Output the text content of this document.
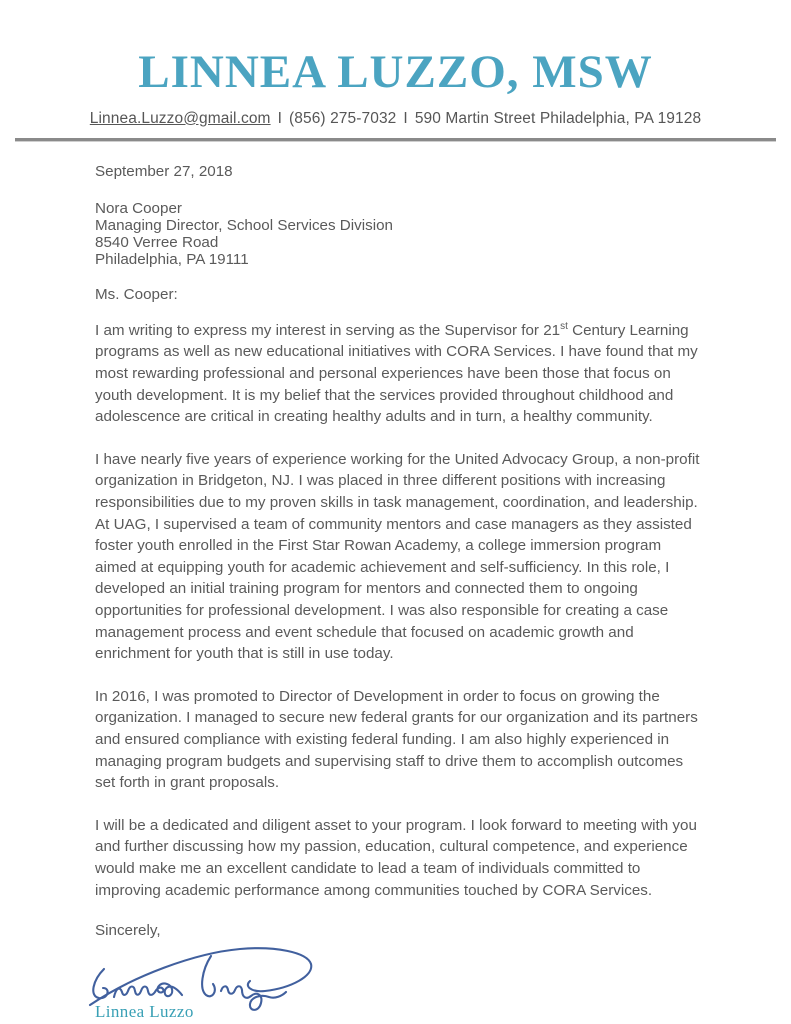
LINNEA LUZZO, MSW
Linnea.Luzzo@gmail.com I (856) 275-7032 I 590 Martin Street Philadelphia, PA 19128
September 27, 2018
Nora Cooper
Managing Director, School Services Division
8540 Verree Road
Philadelphia, PA 19111
Ms. Cooper:

I am writing to express my interest in serving as the Supervisor for 21st Century Learning programs as well as new educational initiatives with CORA Services. I have found that my most rewarding professional and personal experiences have been those that focus on youth development. It is my belief that the services provided throughout childhood and adolescence are critical in creating healthy adults and in turn, a healthy community.

I have nearly five years of experience working for the United Advocacy Group, a non-profit organization in Bridgeton, NJ. I was placed in three different positions with increasing responsibilities due to my proven skills in task management, coordination, and leadership. At UAG, I supervised a team of community mentors and case managers as they assisted foster youth enrolled in the First Star Rowan Academy, a college immersion program aimed at equipping youth for academic achievement and self-sufficiency. In this role, I developed an initial training program for mentors and connected them to ongoing opportunities for professional development. I was also responsible for creating a case management process and event schedule that focused on academic growth and enrichment for youth that is still in use today.

In 2016, I was promoted to Director of Development in order to focus on growing the organization. I managed to secure new federal grants for our organization and its partners and ensured compliance with existing federal funding. I am also highly experienced in managing program budgets and supervising staff to drive them to accomplish outcomes set forth in grant proposals.

I will be a dedicated and diligent asset to your program. I look forward to meeting with you and further discussing how my passion, education, cultural competence, and experience would make me an excellent candidate to lead a team of individuals committed to improving academic performance among communities touched by CORA Services.

Sincerely,
Linnea Luzzo
